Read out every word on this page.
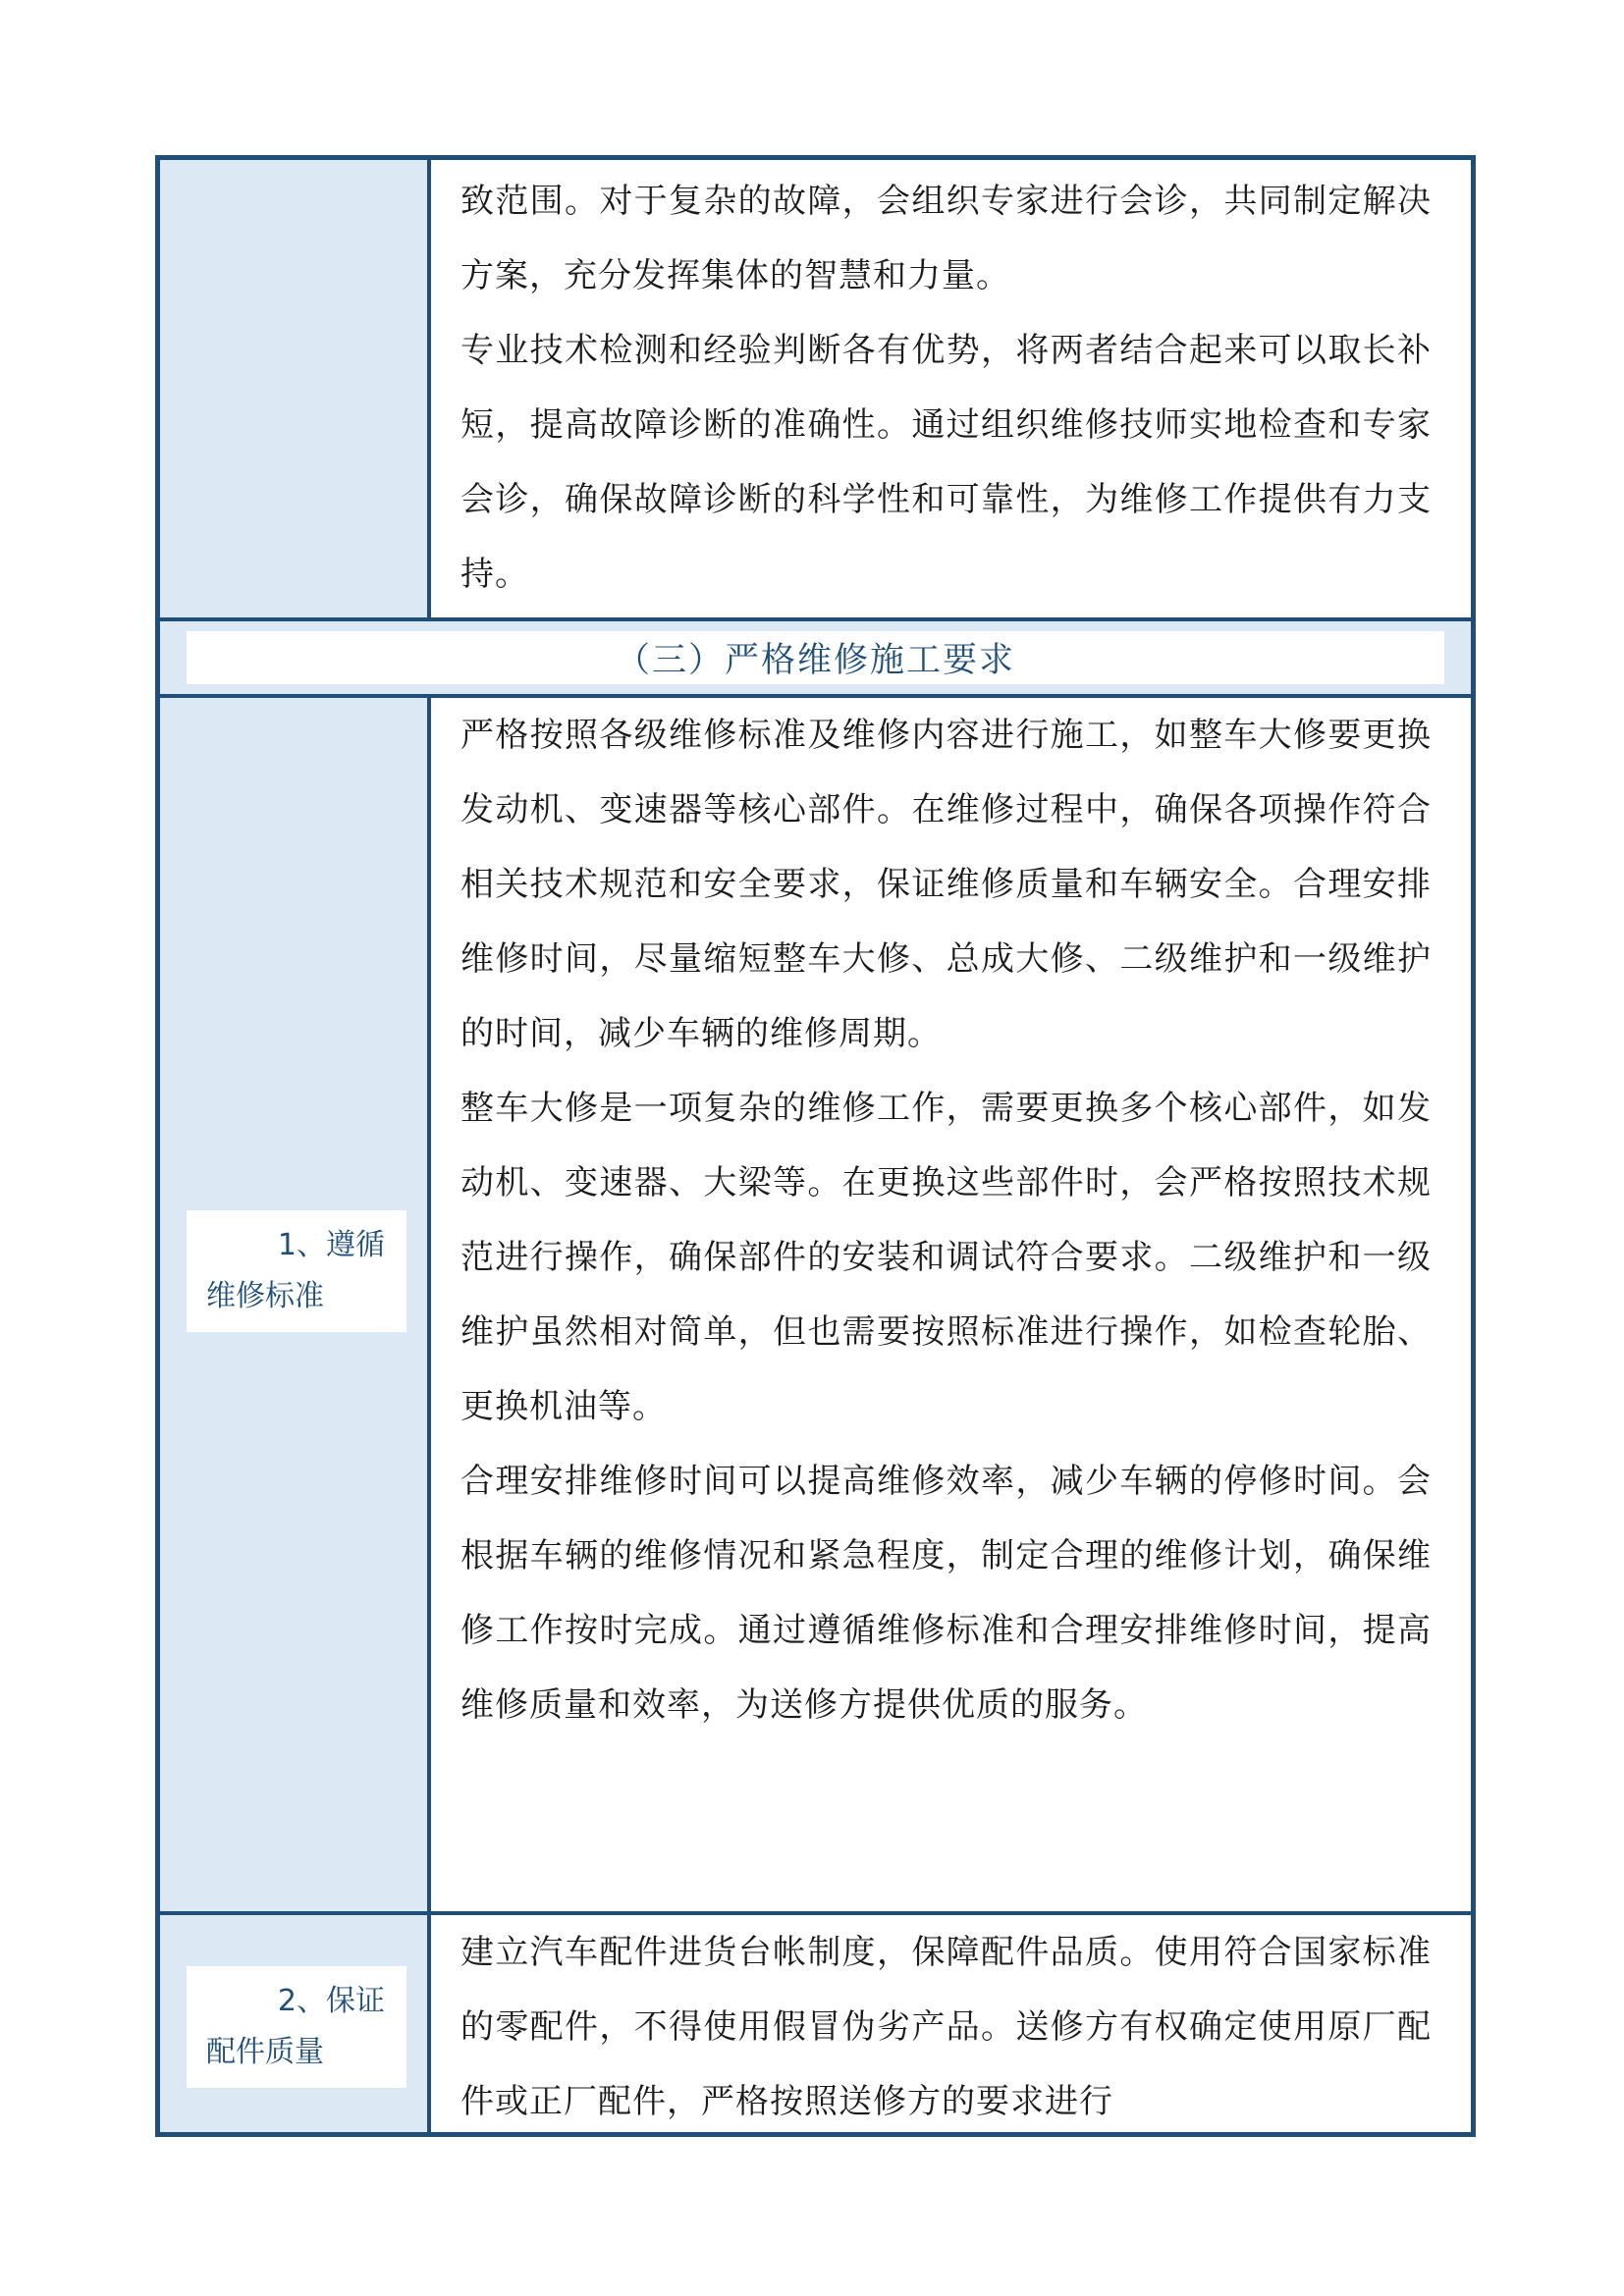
致范围。对于复杂的故障，会组织专家进行会诊，共同制定解决方案，充分发挥集体的智慧和力量。

专业技术检测和经验判断各有优势，将两者结合起来可以取长补短，提高故障诊断的准确性。通过组织维修技师实地检查和专家会诊，确保故障诊断的科学性和可靠性，为维修工作提供有力支持。

（三）严格维修施工要求

1、遵循
维修标准

严格按照各级维修标准及维修内容进行施工，如整车大修要更换发动机、变速器等核心部件。在维修过程中，确保各项操作符合相关技术规范和安全要求，保证维修质量和车辆安全。合理安排维修时间，尽量缩短整车大修、总成大修、二级维护和一级维护的时间，减少车辆的维修周期。

整车大修是一项复杂的维修工作，需要更换多个核心部件，如发动机、变速器、大梁等。在更换这些部件时，会严格按照技术规范进行操作，确保部件的安装和调试符合要求。二级维护和一级维护虽然相对简单，但也需要按照标准进行操作，如检查轮胎、更换机油等。

合理安排维修时间可以提高维修效率，减少车辆的停修时间。会根据车辆的维修情况和紧急程度，制定合理的维修计划，确保维修工作按时完成。通过遵循维修标准和合理安排维修时间，提高维修质量和效率，为送修方提供优质的服务。

2、保证
配件质量

建立汽车配件进货台帐制度，保障配件品质。使用符合国家标准的零配件，不得使用假冒伪劣产品。送修方有权确定使用原厂配件或正厂配件，严格按照送修方的要求进行
